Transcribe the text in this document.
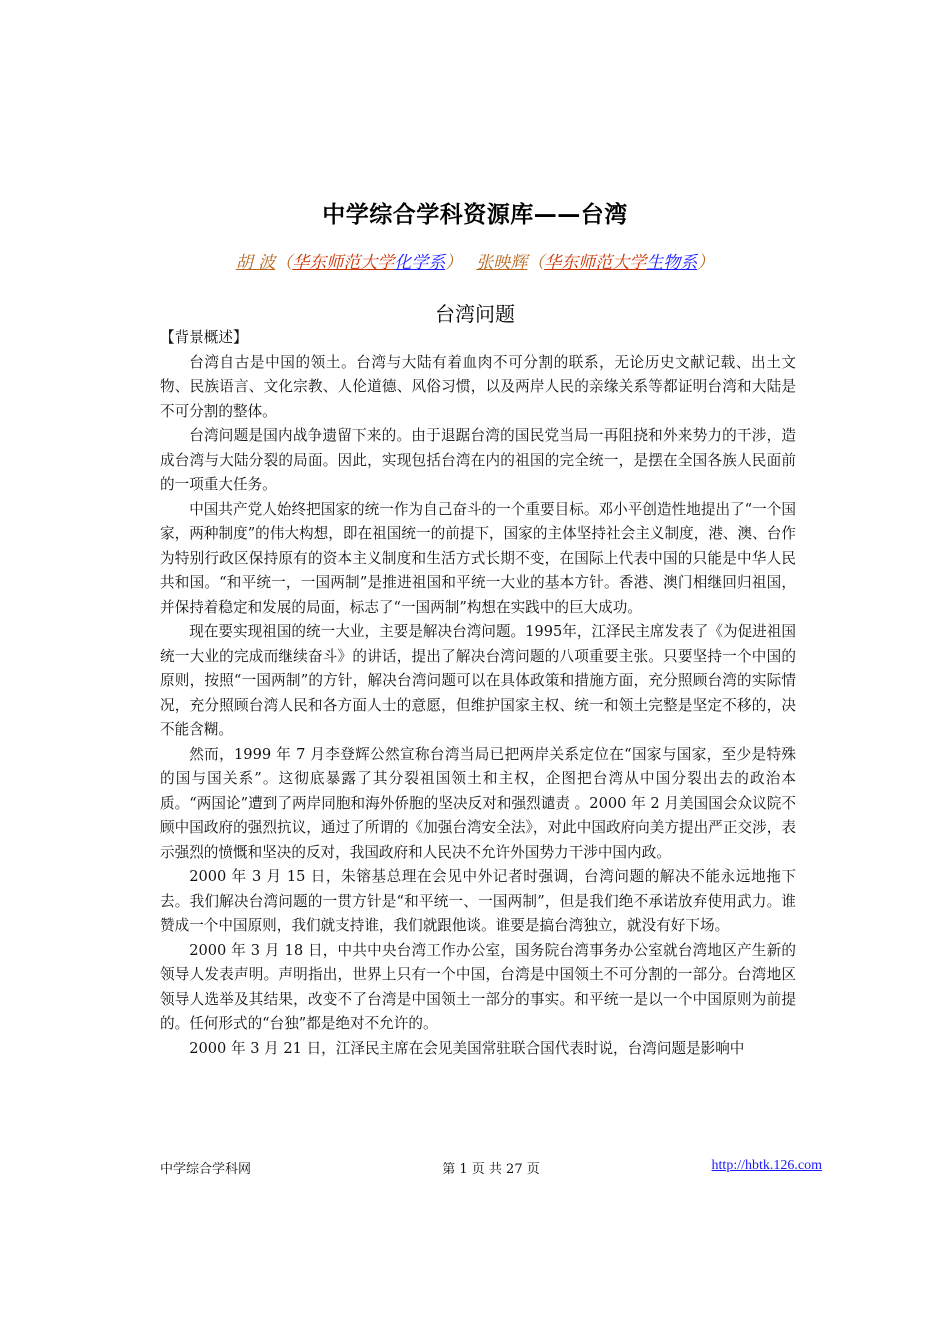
中学综合学科资源库——台湾
胡 波（华东师范大学化学系） 张映辉（华东师范大学生物系）
台湾问题

【背景概述】

台湾自古是中国的领土。台湾与大陆有着血肉不可分割的联系，无论历史文献记载、出土文物、民族语言、文化宗教、人伦道德、风俗习惯，以及两岸人民的亲缘关系等都证明台湾和大陆是不可分割的整体。

台湾问题是国内战争遗留下来的。由于退踞台湾的国民党当局一再阻挠和外来势力的干涉，造成台湾与大陆分裂的局面。因此，实现包括台湾在内的祖国的完全统一，是摆在全国各族人民面前的一项重大任务。

中国共产党人始终把国家的统一作为自己奋斗的一个重要目标。邓小平创造性地提出了“一个国家，两种制度”的伟大构想，即在祖国统一的前提下，国家的主体坚持社会主义制度，港、澳、台作为特别行政区保持原有的资本主义制度和生活方式长期不变，在国际上代表中国的只能是中华人民共和国。“和平统一，一国两制”是推进祖国和平统一大业的基本方针。香港、澳门相继回归祖国，并保持着稳定和发展的局面，标志了“一国两制”构想在实践中的巨大成功。

现在要实现祖国的统一大业，主要是解决台湾问题。1995年，江泽民主席发表了《为促进祖国统一大业的完成而继续奋斗》的讲话，提出了解决台湾问题的八项重要主张。只要坚持一个中国的原则，按照“一国两制”的方针，解决台湾问题可以在具体政策和措施方面，充分照顾台湾的实际情况，充分照顾台湾人民和各方面人士的意愿，但维护国家主权、统一和领土完整是坚定不移的，决不能含糊。

然而，1999 年 7 月李登辉公然宣称台湾当局已把两岸关系定位在“国家与国家，至少是特殊的国与国关系”。这彻底暴露了其分裂祖国领土和主权，企图把台湾从中国分裂出去的政治本质。“两国论”遭到了两岸同胞和海外侨胞的坚决反对和强烈谴责 。2000 年 2 月美国国会众议院不顾中国政府的强烈抗议，通过了所谓的《加强台湾安全法》，对此中国政府向美方提出严正交涉，表示强烈的愤慨和坚决的反对，我国政府和人民决不允许外国势力干涉中国内政。

2000 年 3 月 15 日，朱镕基总理在会见中外记者时强调，台湾问题的解决不能永远地拖下去。我们解决台湾问题的一贯方针是“和平统一、一国两制”，但是我们绝不承诺放弃使用武力。谁赞成一个中国原则，我们就支持谁，我们就跟他谈。谁要是搞台湾独立，就没有好下场。

2000 年 3 月 18 日，中共中央台湾工作办公室，国务院台湾事务办公室就台湾地区产生新的领导人发表声明。声明指出，世界上只有一个中国，台湾是中国领土不可分割的一部分。台湾地区领导人选举及其结果，改变不了台湾是中国领土一部分的事实。和平统一是以一个中国原则为前提的。任何形式的“台独”都是绝对不允许的。

2000 年 3 月 21 日，江泽民主席在会见美国常驻联合国代表时说，台湾问题是影响中

中学综合学科网	第 1 页 共 27 页	http://hbtk.126.com
